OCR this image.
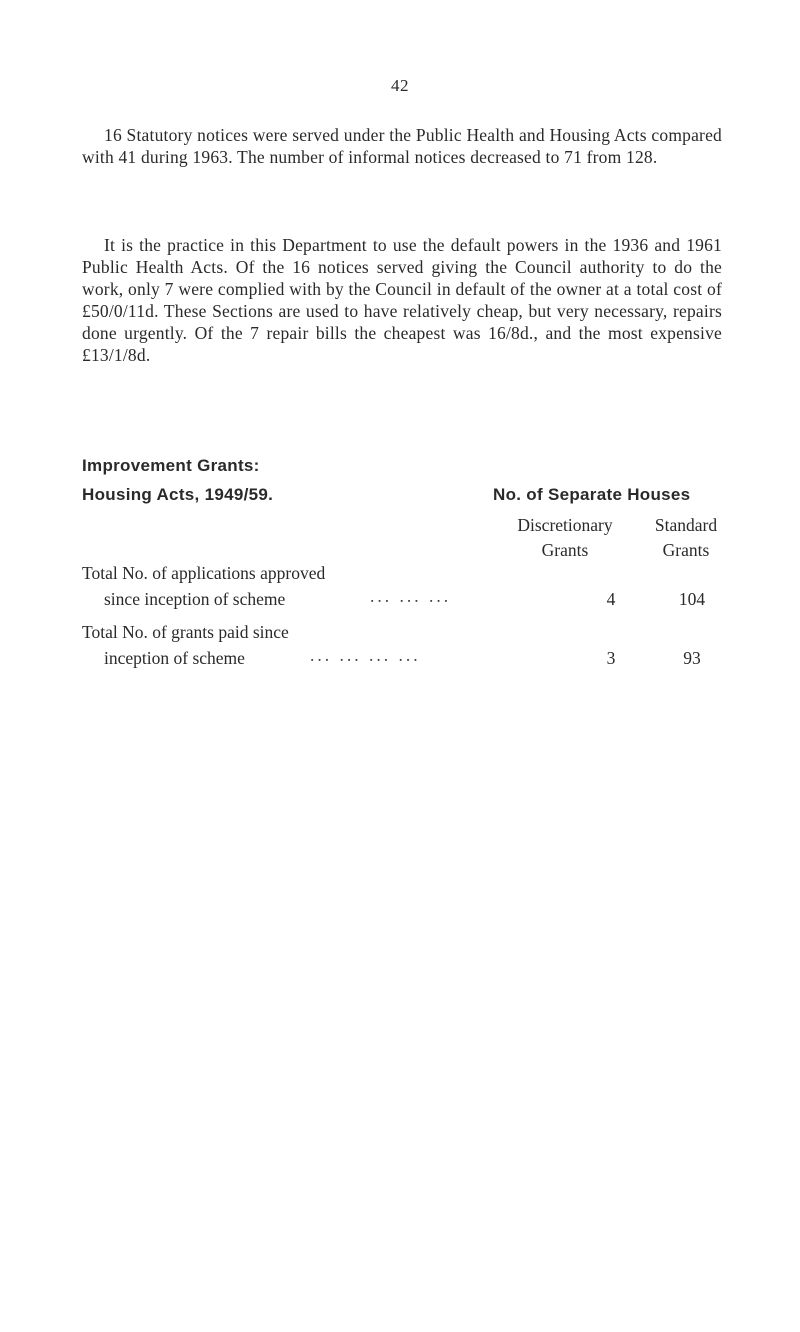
42

16 Statutory notices were served under the Public Health and Housing Acts compared with 41 during 1963. The number of informal notices decreased to 71 from 128.

It is the practice in this Department to use the default powers in the 1936 and 1961 Public Health Acts. Of the 16 notices served giving the Council authority to do the work, only 7 were complied with by the Council in default of the owner at a total cost of £50/0/11d. These Sections are used to have relatively cheap, but very necessary, repairs done urgently. Of the 7 repair bills the cheapest was 16/8d., and the most expensive £13/1/8d.

Improvement Grants:
Housing Acts, 1949/59.	No. of Separate Houses
Discretionary
Grants
Standard
Grants
Total No. of applications approved
since inception of scheme	... ... ...	4	104
Total No. of grants paid since
inception of scheme	... ... ... ...	3	93
